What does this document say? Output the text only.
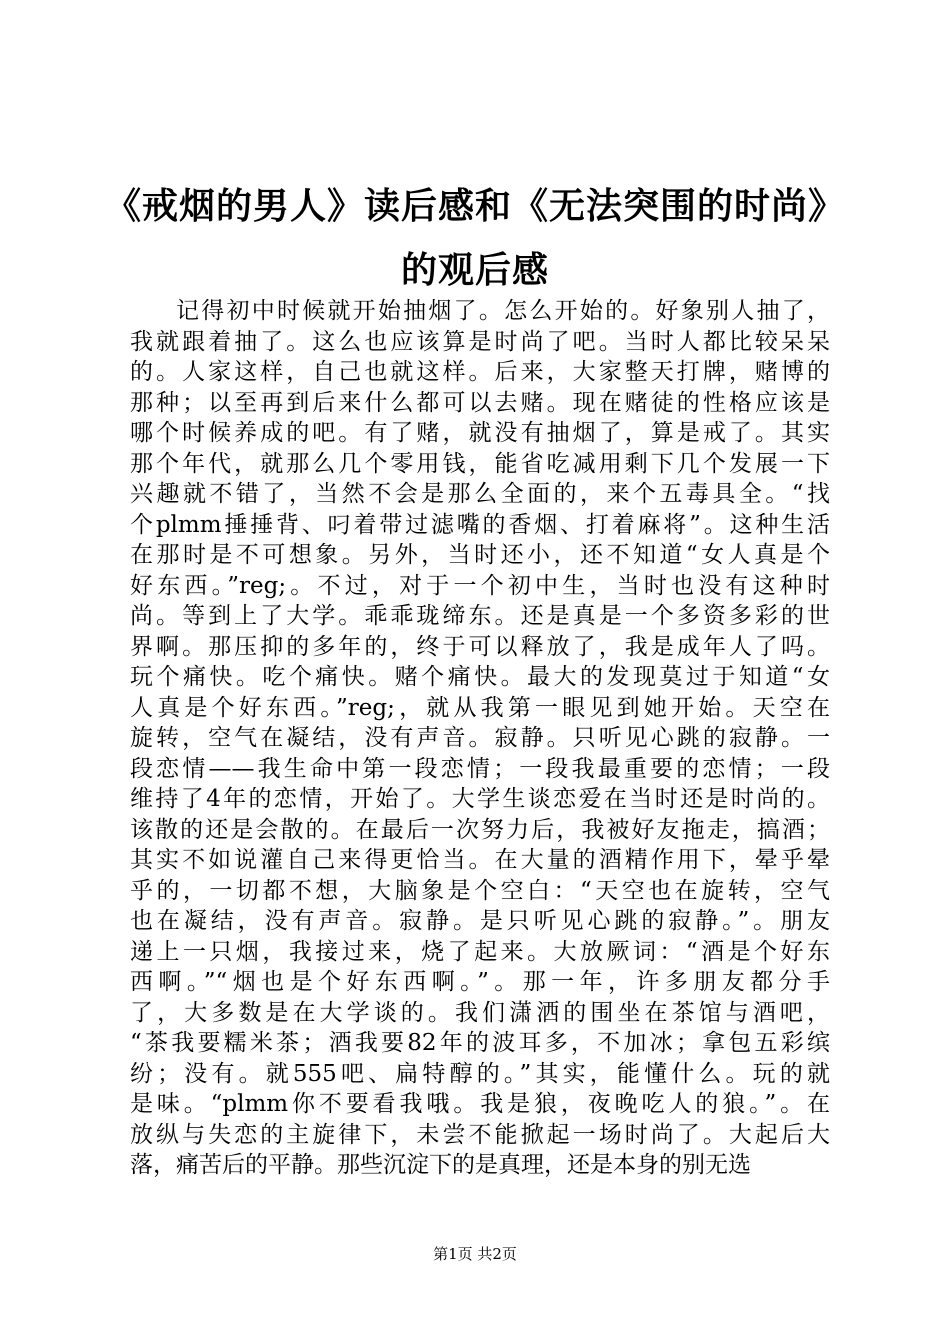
《戒烟的男人》读后感和《无法突围的时尚》
的观后感
记得初中时候就开始抽烟了。怎么开始的。好象别人抽了，
我就跟着抽了。这么也应该算是时尚了吧。当时人都比较呆呆
的。人家这样，自己也就这样。后来，大家整天打牌，赌博的
那种；以至再到后来什么都可以去赌。现在赌徒的性格应该是
哪个时候养成的吧。有了赌，就没有抽烟了，算是戒了。其实
那个年代，就那么几个零用钱，能省吃减用剩下几个发展一下
兴趣就不错了，当然不会是那么全面的，来个五毒具全。“找
个plmm捶捶背、叼着带过滤嘴的香烟、打着麻将”。这种生活
在那时是不可想象。另外，当时还小，还不知道“女人真是个
好东西。”reg;。不过，对于一个初中生，当时也没有这种时
尚。等到上了大学。乖乖珑缔东。还是真是一个多资多彩的世
界啊。那压抑的多年的，终于可以释放了，我是成年人了吗。
玩个痛快。吃个痛快。赌个痛快。最大的发现莫过于知道“女
人真是个好东西。”reg;，就从我第一眼见到她开始。天空在
旋转，空气在凝结，没有声音。寂静。只听见心跳的寂静。一
段恋情——我生命中第一段恋情；一段我最重要的恋情；一段
维持了4年的恋情，开始了。大学生谈恋爱在当时还是时尚的。
该散的还是会散的。在最后一次努力后，我被好友拖走，搞酒；
其实不如说灌自己来得更恰当。在大量的酒精作用下，晕乎晕
乎的，一切都不想，大脑象是个空白：“天空也在旋转，空气
也在凝结，没有声音。寂静。是只听见心跳的寂静。”。朋友
递上一只烟，我接过来，烧了起来。大放厥词：“酒是个好东
西啊。”“烟也是个好东西啊。”。那一年，许多朋友都分手
了，大多数是在大学谈的。我们潇洒的围坐在茶馆与酒吧，
“茶我要糯米茶；酒我要82年的波耳多，不加冰；拿包五彩缤
纷；没有。就555吧、扁特醇的。”其实，能懂什么。玩的就
是味。“plmm你不要看我哦。我是狼，夜晚吃人的狼。”。在
放纵与失恋的主旋律下，未尝不能掀起一场时尚了。大起后大
落，痛苦后的平静。那些沉淀下的是真理，还是本身的别无选
第1页 共2页
